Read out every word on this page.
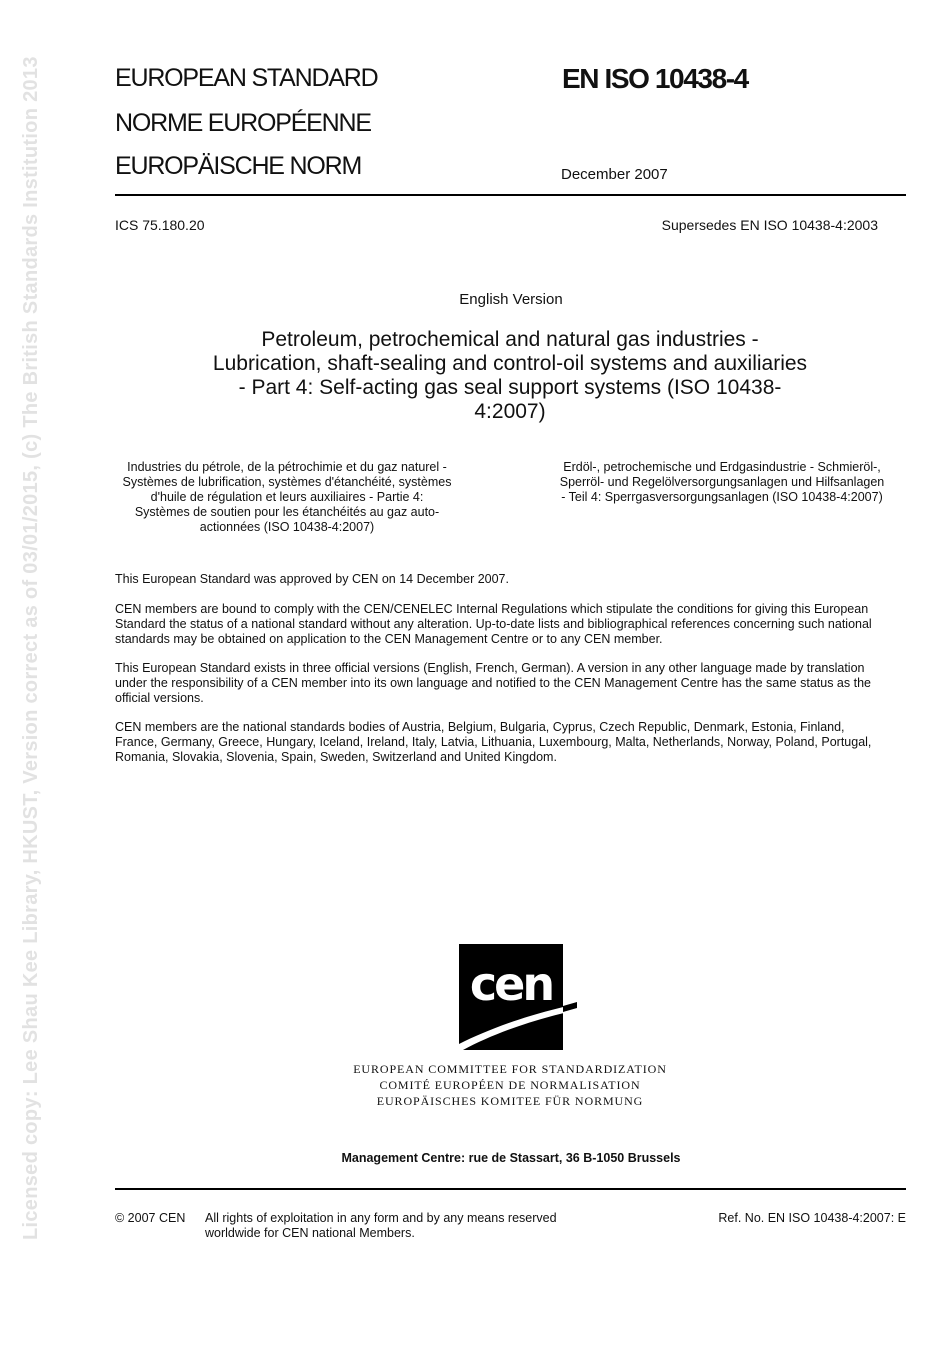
EUROPEAN STANDARD
NORME EUROPÉENNE
EUROPÄISCHE NORM
EN ISO 10438-4
December 2007
ICS 75.180.20	Supersedes EN ISO 10438-4:2003
English Version
Petroleum, petrochemical and natural gas industries -
Lubrication, shaft-sealing and control-oil systems and auxiliaries
- Part 4: Self-acting gas seal support systems (ISO 10438-
4:2007)
Industries du pétrole, de la pétrochimie et du gaz naturel -
Systèmes de lubrification, systèmes d'étanchéité, systèmes
d'huile de régulation et leurs auxiliaires - Partie 4:
Systèmes de soutien pour les étanchéités au gaz auto-
actionnées (ISO 10438-4:2007)
Erdöl-, petrochemische und Erdgasindustrie - Schmieröl-,
Sperröl- und Regelölversorgungsanlagen und Hilfsanlagen
- Teil 4: Sperrgasversorgungsanlagen (ISO 10438-4:2007)
This European Standard was approved by CEN on 14 December 2007.
CEN members are bound to comply with the CEN/CENELEC Internal Regulations which stipulate the conditions for giving this European
Standard the status of a national standard without any alteration. Up-to-date lists and bibliographical references concerning such national
standards may be obtained on application to the CEN Management Centre or to any CEN member.
This European Standard exists in three official versions (English, French, German). A version in any other language made by translation
under the responsibility of a CEN member into its own language and notified to the CEN Management Centre has the same status as the
official versions.
CEN members are the national standards bodies of Austria, Belgium, Bulgaria, Cyprus, Czech Republic, Denmark, Estonia, Finland,
France, Germany, Greece, Hungary, Iceland, Ireland, Italy, Latvia, Lithuania, Luxembourg, Malta, Netherlands, Norway, Poland, Portugal,
Romania, Slovakia, Slovenia, Spain, Sweden, Switzerland and United Kingdom.
cen
EUROPEAN COMMITTEE FOR STANDARDIZATION
COMITÉ EUROPÉEN DE NORMALISATION
EUROPÄISCHES KOMITEE FÜR NORMUNG
Management Centre: rue de Stassart, 36 B-1050 Brussels
© 2007 CEN All rights of exploitation in any form and by any means reserved
worldwide for CEN national Members.
Ref. No. EN ISO 10438-4:2007: E
Licensed copy: Lee Shau Kee Library, HKUST, Version correct as of 03/01/2015, (c) The British Standards Institution 2013
